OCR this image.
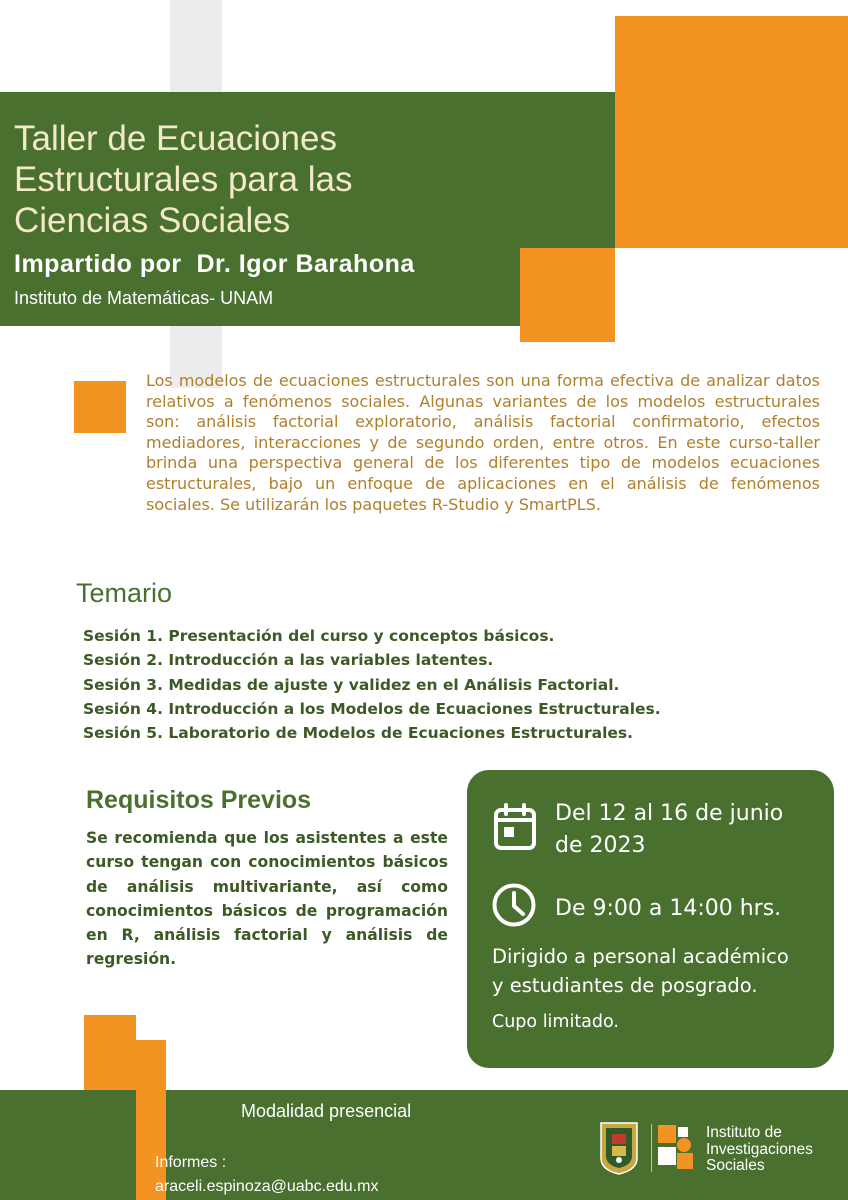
Taller de Ecuaciones
Estructurales para las
Ciencias Sociales
Impartido por  Dr. Igor Barahona
Instituto de Matemáticas- UNAM

Los modelos de ecuaciones estructurales son una forma efectiva de analizar datos relativos a fenómenos sociales. Algunas variantes de los modelos estructurales son: análisis factorial exploratorio, análisis factorial confirmatorio, efectos mediadores, interacciones y de segundo orden, entre otros. En este curso-taller brinda una perspectiva general de los diferentes tipo de modelos ecuaciones estructurales, bajo un enfoque de aplicaciones en el análisis de fenómenos sociales. Se utilizarán los paquetes R-Studio y SmartPLS.

Temario
Sesión 1. Presentación del curso y conceptos básicos.
Sesión 2. Introducción a las variables latentes.
Sesión 3. Medidas de ajuste y validez en el Análisis Factorial.
Sesión 4. Introducción a los Modelos de Ecuaciones Estructurales.
Sesión 5. Laboratorio de Modelos de Ecuaciones Estructurales.
Requisitos Previos

Se recomienda que los asistentes a este curso tengan con conocimientos básicos de análisis multivariante, así como conocimientos básicos de programación en R, análisis factorial y análisis de regresión.

Del 12 al 16 de junio
de 2023
De 9:00 a 14:00 hrs.
Dirigido a personal académico
y estudiantes de posgrado.
Cupo limitado.
Modalidad presencial
Informes :
araceli.espinoza@uabc.edu.mx
Instituto de
Investigaciones
Sociales
